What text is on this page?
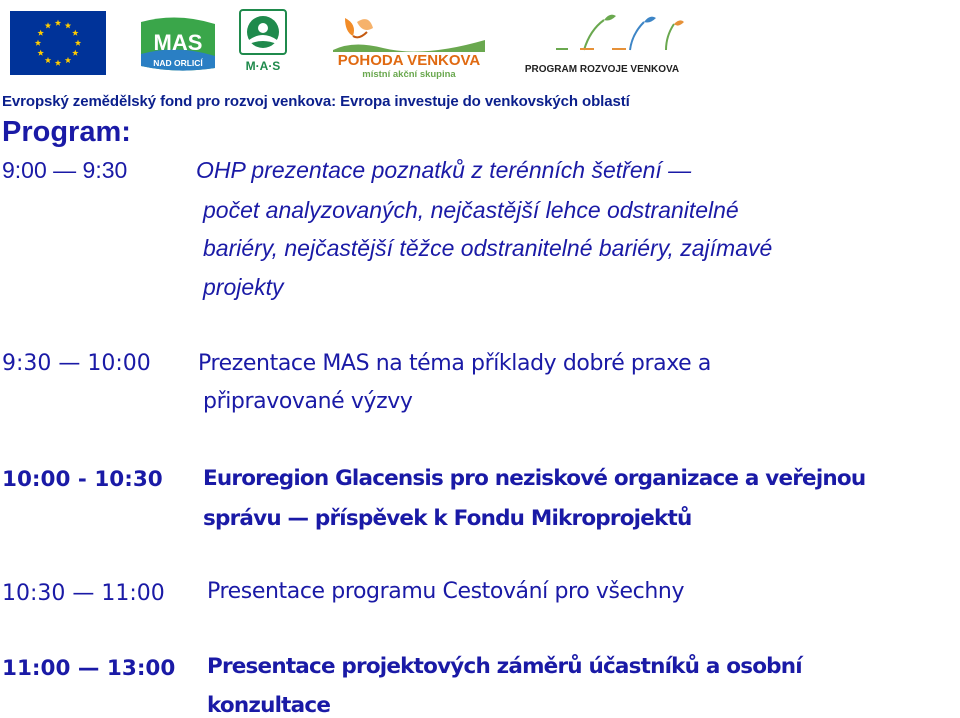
MAS
NAD ORLICÍ	M·A·S	POHODA VENKOVA
místní akční skupina	PROGRAM ROZVOJE VENKOVA
Evropský zemědělský fond pro rozvoj venkova: Evropa investuje do venkovských oblastí
Program:
9:00 — 9:30	OHP prezentace poznatků z terénních šetření —
počet analyzovaných, nejčastější lehce odstranitelné
bariéry, nejčastější těžce odstranitelné bariéry, zajímavé
projekty
9:30 — 10:00 Prezentace MAS na téma příklady dobré praxe a
připravované výzvy
10:00 - 10:30 Euroregion Glacensis pro neziskové organizace a veřejnou
správu — příspěvek k Fondu Mikroprojektů
10:30 — 11:00 Presentace programu Cestování pro všechny
11:00 — 13:00 Presentace projektových záměrů účastníků a osobní
konzultace
